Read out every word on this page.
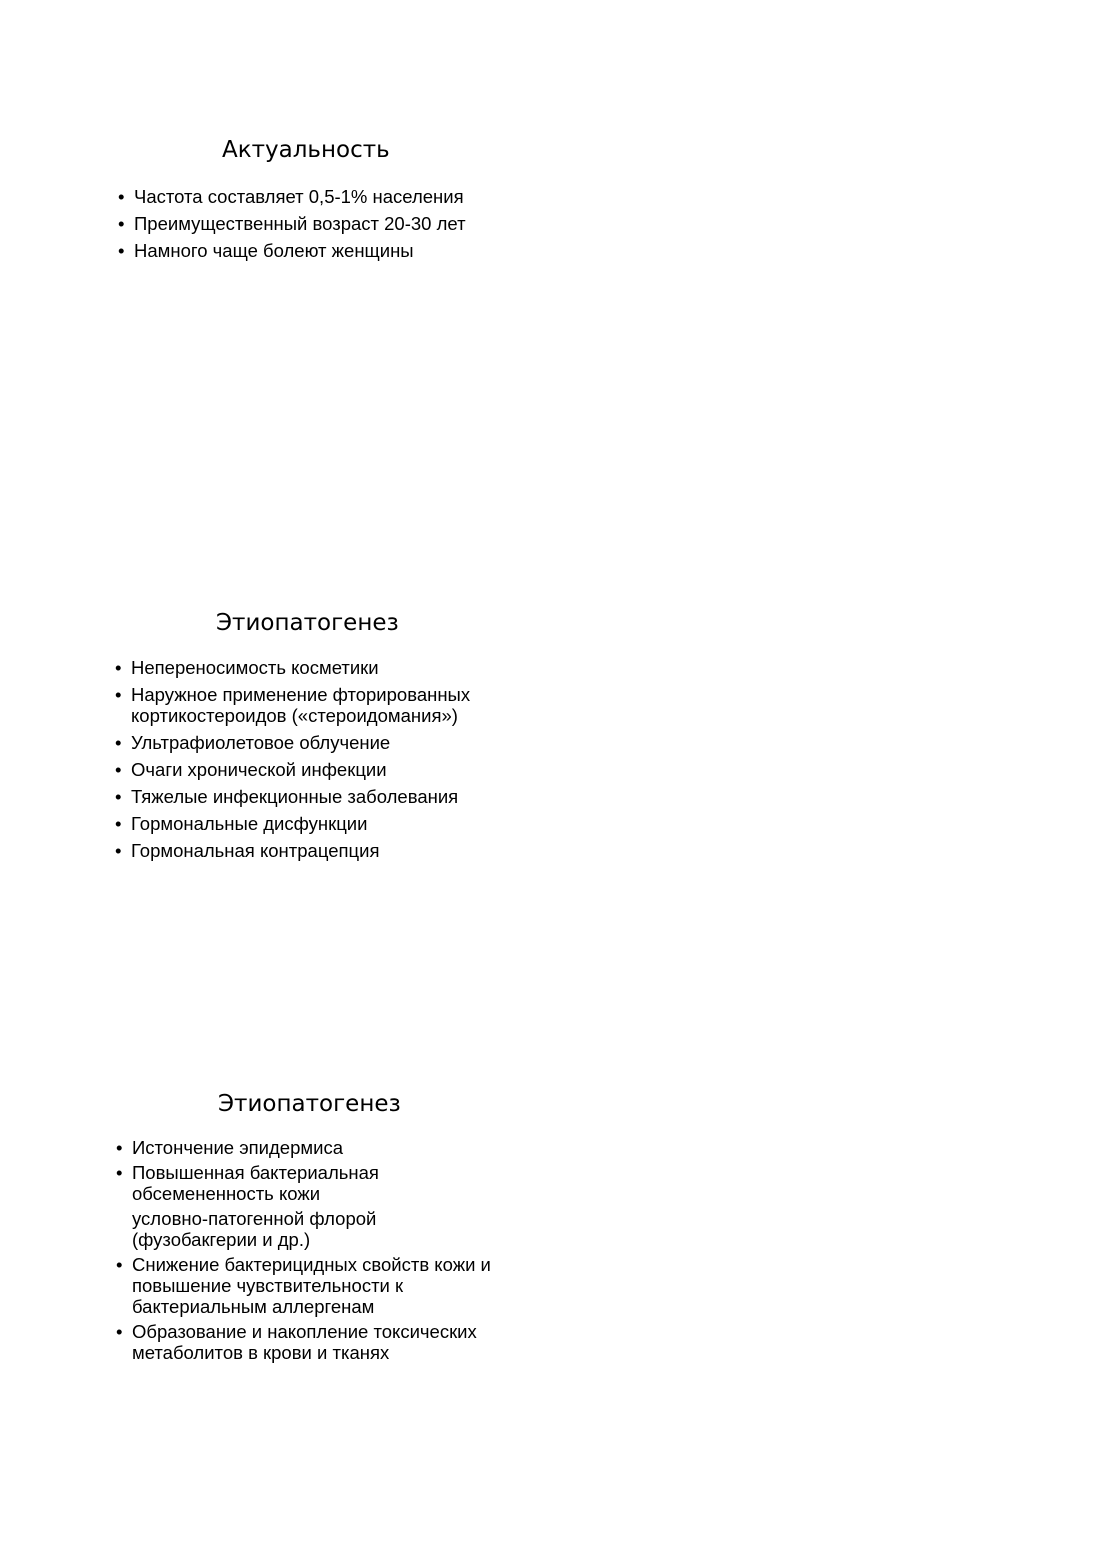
Актуальность
• Частота составляет 0,5-1% населения
• Преимущественный возраст 20-30 лет
• Намного чаще болеют женщины
Этиопатогенез
• Непереносимость косметики
• Наружное применение фторированных
кортикостероидов («стероидомания»)
• Ультрафиолетовое облучение
• Очаги хронической инфекции
• Тяжелые инфекционные заболевания
• Гормональные дисфункции
• Гормональная контрацепция
Этиопатогенез
• Истончение эпидермиса
• Повышенная бактериальная
обсемененность кожи
условно-патогенной флорой
(фузобакгерии и др.)
• Снижение бактерицидных свойств кожи и
повышение чувствительности к
бактериальным аллергенам
• Образование и накопление токсических
метаболитов в крови и тканях
